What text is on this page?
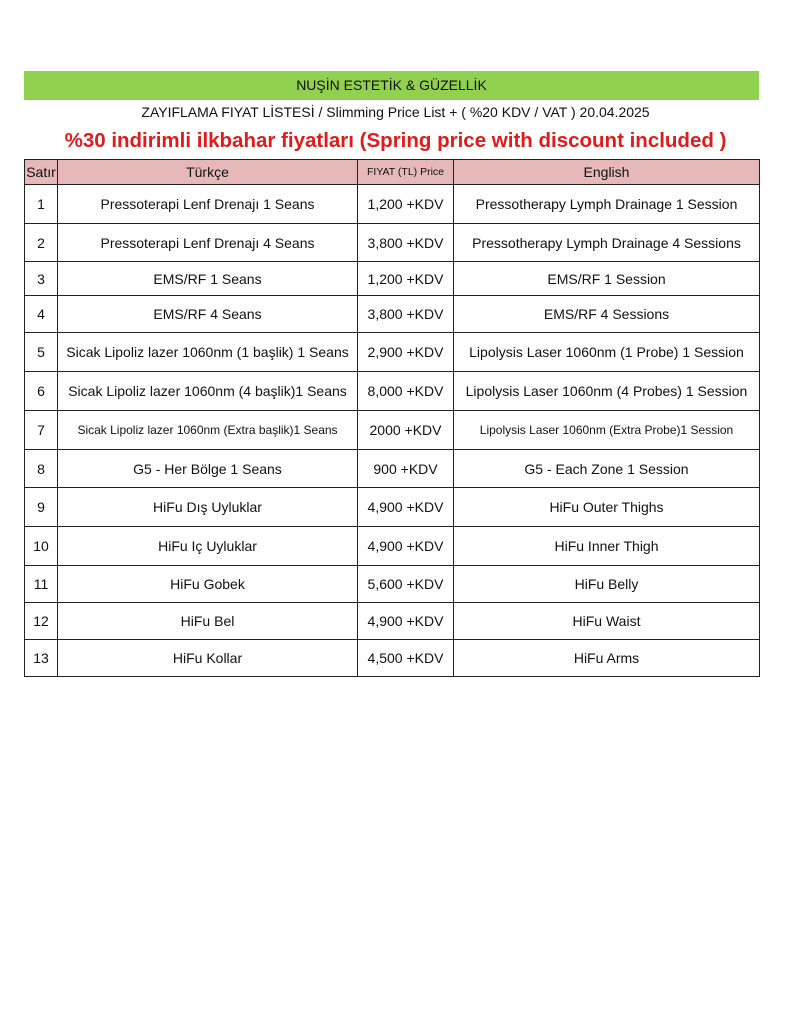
NUŞİN ESTETİK & GÜZELLİK
ZAYIFLAMA FIYAT LİSTESİ / Slimming Price List + ( %20 KDV / VAT ) 20.04.2025
%30 indirimli ilkbahar fiyatları (Spring price with discount included )
Satır	Türkçe	FIYAT (TL) Price	English
1	Pressoterapi Lenf Drenajı 1 Seans	1,200 +KDV	Pressotherapy Lymph Drainage 1 Session
2	Pressoterapi Lenf Drenajı 4 Seans	3,800 +KDV	Pressotherapy Lymph Drainage 4 Sessions
3	EMS/RF 1 Seans	1,200 +KDV	EMS/RF 1 Session
4	EMS/RF 4 Seans	3,800 +KDV	EMS/RF 4 Sessions
5	Sicak Lipoliz lazer 1060nm (1 başlik) 1 Seans	2,900 +KDV	Lipolysis Laser 1060nm (1 Probe) 1 Session
6	Sicak Lipoliz lazer 1060nm (4 başlik)1 Seans	8,000 +KDV	Lipolysis Laser 1060nm (4 Probes) 1 Session
7	Sicak Lipoliz lazer 1060nm (Extra başlik)1 Seans	2000 +KDV	Lipolysis Laser 1060nm (Extra Probe)1 Session
8	G5 - Her Bölge 1 Seans	900 +KDV	G5 - Each Zone 1 Session
9	HiFu Dış Uyluklar	4,900 +KDV	HiFu Outer Thighs
10	HiFu Iç Uyluklar	4,900 +KDV	HiFu Inner Thigh
11	HiFu Gobek	5,600 +KDV	HiFu Belly
12	HiFu Bel	4,900 +KDV	HiFu Waist
13	HiFu Kollar	4,500 +KDV	HiFu Arms
